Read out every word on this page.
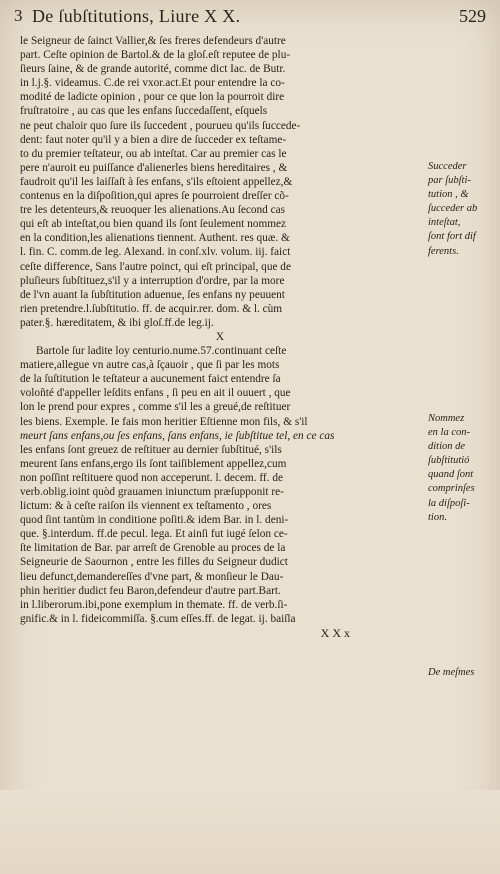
3 De ſubſtitutions, Liure X X.	529
le Seigneur de ſainct Vallier,& ſes freres defendeurs d'autre
part. Ceſte opinion de Bartol.& de la gloſ.eſt reputee de plu-
ſieurs ſaine, & de grande autorité, comme dict Iac. de Butr.
in l.j.§. videamus. C.de rei vxor.act.Et pour entendre la co-
modité de ladicte opinion , pour ce que lon la pourroit dire
fruſtratoire , au cas que les enfans ſuccedaſſent, eſquels
ne peut chaloir quo ſure ils ſuccedent , pourueu qu'ils ſuccede-
dent: faut noter qu'il y a bien a dire de ſucceder ex teſtame-
to du premier teſtateur, ou ab inteſtat. Car au premier cas le
pere n'auroit eu puiſſance d'alienerles biens hereditaires , &
faudroit qu'il les laiſſaſt à ſes enfans, s'ils eſtoient appellez,&
contenus en la diſpoſition,qui apres ſe pourroient dreſſer cõ-
tre les detenteurs,& reuoquer les alienations.Au ſecond cas
qui eſt ab inteſtat,ou bien quand ils ſont ſeulement nommez
en la condition,les alienations tiennent. Authent. res quæ. &
l. fin. C. comm.de leg. Alexand. in conſ.xlv. volum. iij. faict
ceſte difference, Sans l'autre poinct, qui eſt principal, que de
pluſieurs ſubſtituez,s'il y a interruption d'ordre, par la more
de l'vn auant la ſubſtitution aduenue, ſes enfans ny peuuent
rien pretendre.l.ſubſtitutio. ff. de acquir.rer. dom. & l. cùm
pater.§. hæreditatem, & ibi gloſ.ff.de leg.ij.
X
Bartole ſur ladite loy centurio.nume.57.continuant ceſte
matiere,allegue vn autre cas,à ſçauoir , que ſi par les mots
de la ſuſtitution le teſtateur a aucunement faict entendre ſa
voloñté d'appeller leſdits enfans , ſi peu en ait il ouuert , que
lon le prend pour expres , comme s'il les a greué,de reſtituer
les biens. Exemple. Ie fais mon heritier Eſtienne mon fils, & s'il
meurt ſans enfans,ou ſes enfans, ſans enfans, ie ſubſtitue tel, en ce cas
les enfans ſont greuez de reſtituer au dernier ſubſtitué, s'ils
meurent ſans enfans,ergo ils ſont taiſiblement appellez,cum
non poſſint reſtituere quod non acceperunt. l. decem. ff. de
verb.oblig.ioint quòd grauamen iniunctum præſupponit re-
lictum: & à ceſte raiſon ils viennent ex teſtamento , ores
quod ſint tantùm in conditione poſiti.& idem Bar. in l. deni-
que. §.interdum. ff.de pecul. lega. Et ainſi fut iugé ſelon ce-
ſte limitation de Bar. par arreſt de Grenoble au proces de la
Seigneurie de Saournon , entre les filles du Seigneur dudict
lieu defunct,demandereſſes d'vne part, & monſieur le Dau-
phin heritier dudict feu Baron,defendeur d'autre part.Bart.
in l.liberorum.ibi,pone exemplum in themate. ff. de verb.ſi-
gnific.& in l. fideicommiſſa. §.cum eſſes.ff. de legat. ij. baiſla
X X x
Succeder
par ſubſti-
tution , &
ſucceder ab
inteſtat,
ſont fort dif
ferents.
Nommez
en la con-
dition de
ſubſtitutió
quand ſont
comprinſes
la diſpoſi-
tion.
De meſmes
